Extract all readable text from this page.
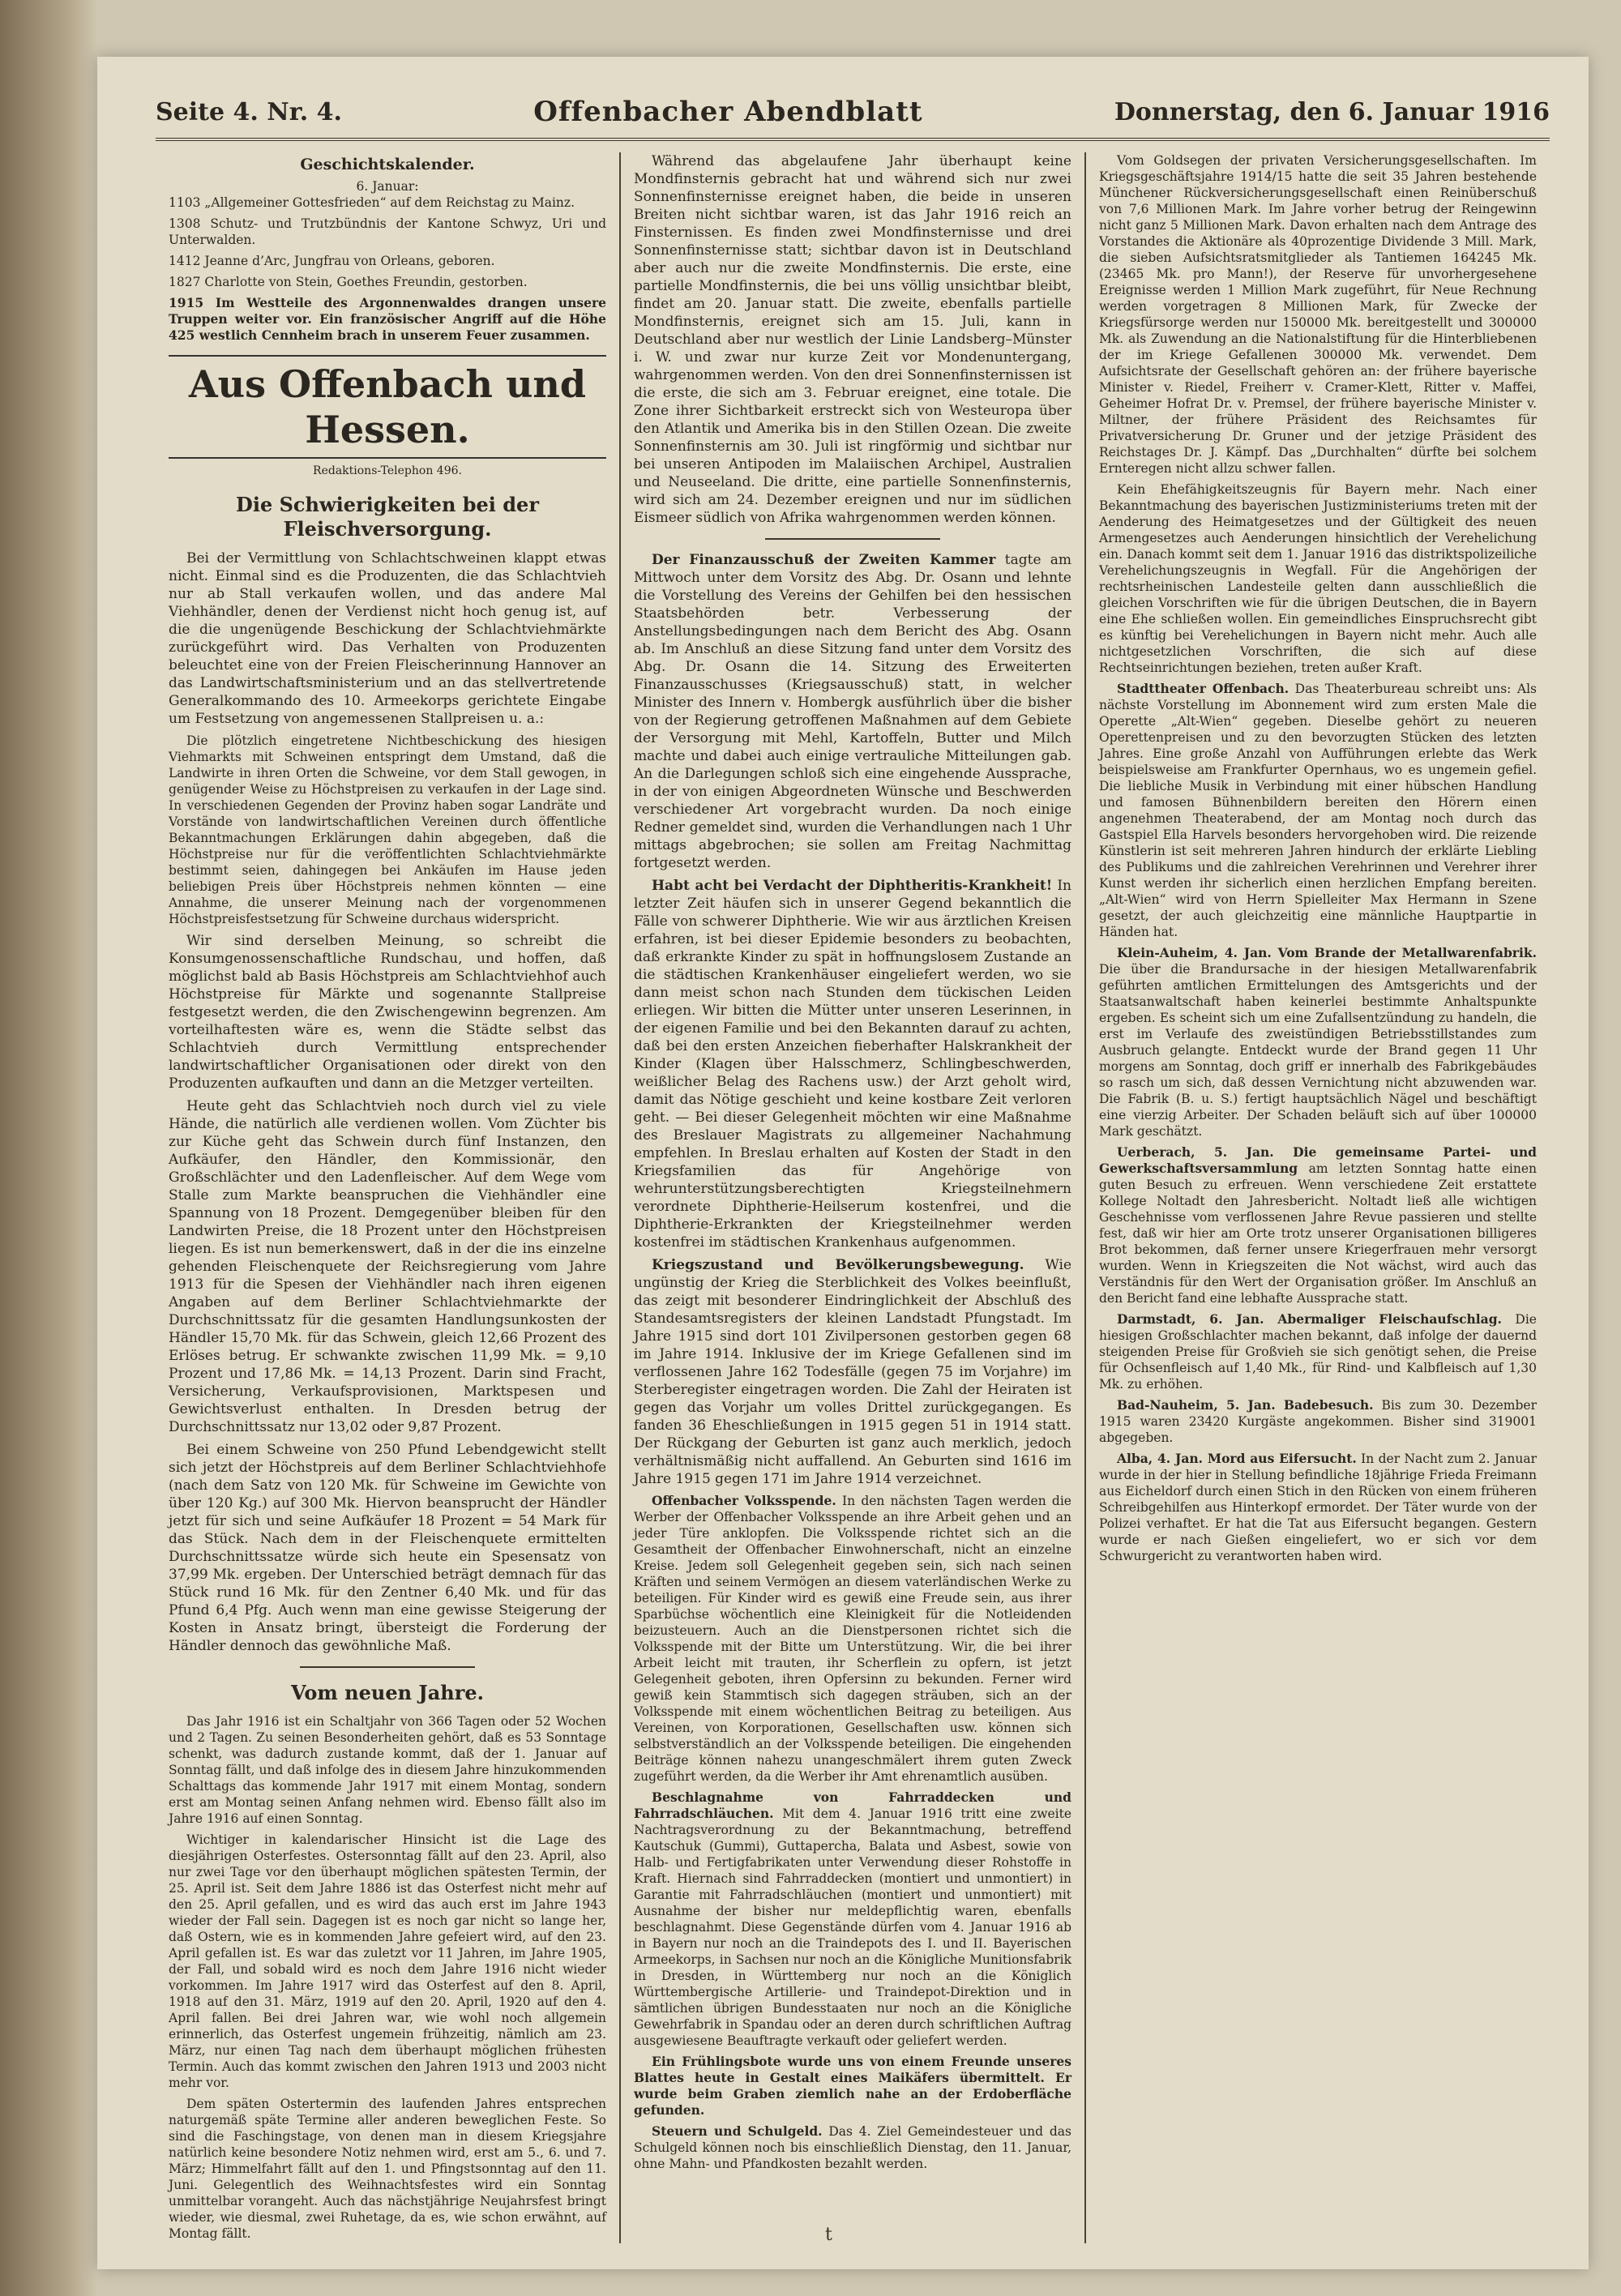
Seite 4. Nr. 4.	Offenbacher Abendblatt	Donnerstag, den 6. Januar 1916
Geschichtskalender.
6. Januar:

1103 „Allgemeiner Gottesfrieden“ auf dem Reichstag zu Mainz.

1308 Schutz- und Trutzbündnis der Kantone Schwyz, Uri und Unterwalden.

1412 Jeanne d’Arc, Jungfrau von Orleans, geboren.

1827 Charlotte von Stein, Goethes Freundin, gestorben.

1915 Im Westteile des Argonnenwaldes drangen unsere Truppen weiter vor. Ein französischer Angriff auf die Höhe 425 westlich Cennheim brach in unserem Feuer zusammen.

Aus Offenbach und Hessen.
Redaktions-Telephon 496.
Die Schwierigkeiten bei der Fleischversorgung.

Bei der Vermittlung von Schlachtschweinen klappt etwas nicht. Einmal sind es die Produzenten, die das Schlachtvieh nur ab Stall verkaufen wollen, und das andere Mal Viehhändler, denen der Verdienst nicht hoch genug ist, auf die die ungenügende Beschickung der Schlachtviehmärkte zurückgeführt wird. Das Verhalten von Produzenten beleuchtet eine von der Freien Fleischerinnung Hannover an das Landwirtschaftsministerium und an das stellvertretende Generalkommando des 10. Armeekorps gerichtete Eingabe um Festsetzung von angemessenen Stallpreisen u. a.:

Die plötzlich eingetretene Nichtbeschickung des hiesigen Viehmarkts mit Schweinen entspringt dem Umstand, daß die Landwirte in ihren Orten die Schweine, vor dem Stall gewogen, in genügender Weise zu Höchstpreisen zu verkaufen in der Lage sind. In verschiedenen Gegenden der Provinz haben sogar Landräte und Vorstände von landwirtschaftlichen Vereinen durch öffentliche Bekanntmachungen Erklärungen dahin abgegeben, daß die Höchstpreise nur für die veröffentlichten Schlachtviehmärkte bestimmt seien, dahingegen bei Ankäufen im Hause jeden beliebigen Preis über Höchstpreis nehmen könnten — eine Annahme, die unserer Meinung nach der vorgenommenen Höchstpreisfestsetzung für Schweine durchaus widerspricht.

Wir sind derselben Meinung, so schreibt die Konsumgenossenschaftliche Rundschau, und hoffen, daß möglichst bald ab Basis Höchstpreis am Schlachtviehhof auch Höchstpreise für Märkte und sogenannte Stallpreise festgesetzt werden, die den Zwischengewinn begrenzen. Am vorteilhaftesten wäre es, wenn die Städte selbst das Schlachtvieh durch Vermittlung entsprechender landwirtschaftlicher Organisationen oder direkt von den Produzenten aufkauften und dann an die Metzger verteilten.

Heute geht das Schlachtvieh noch durch viel zu viele Hände, die natürlich alle verdienen wollen. Vom Züchter bis zur Küche geht das Schwein durch fünf Instanzen, den Aufkäufer, den Händler, den Kommissionär, den Großschlächter und den Ladenfleischer. Auf dem Wege vom Stalle zum Markte beanspruchen die Viehhändler eine Spannung von 18 Prozent. Demgegenüber bleiben für den Landwirten Preise, die 18 Prozent unter den Höchstpreisen liegen. Es ist nun bemerkenswert, daß in der die ins einzelne gehenden Fleischenquete der Reichsregierung vom Jahre 1913 für die Spesen der Viehhändler nach ihren eigenen Angaben auf dem Berliner Schlachtviehmarkte der Durchschnittssatz für die gesamten Handlungsunkosten der Händler 15,70 Mk. für das Schwein, gleich 12,66 Prozent des Erlöses betrug. Er schwankte zwischen 11,99 Mk. = 9,10 Prozent und 17,86 Mk. = 14,13 Prozent. Darin sind Fracht, Versicherung, Verkaufsprovisionen, Marktspesen und Gewichtsverlust enthalten. In Dresden betrug der Durchschnittssatz nur 13,02 oder 9,87 Prozent.

Bei einem Schweine von 250 Pfund Lebendgewicht stellt sich jetzt der Höchstpreis auf dem Berliner Schlachtviehhofe (nach dem Satz von 120 Mk. für Schweine im Gewichte von über 120 Kg.) auf 300 Mk. Hiervon beansprucht der Händler jetzt für sich und seine Aufkäufer 18 Prozent = 54 Mark für das Stück. Nach dem in der Fleischenquete ermittelten Durchschnittssatze würde sich heute ein Spesensatz von 37,99 Mk. ergeben. Der Unterschied beträgt demnach für das Stück rund 16 Mk. für den Zentner 6,40 Mk. und für das Pfund 6,4 Pfg. Auch wenn man eine gewisse Steigerung der Kosten in Ansatz bringt, übersteigt die Forderung der Händler dennoch das gewöhnliche Maß.

Vom neuen Jahre.

Das Jahr 1916 ist ein Schaltjahr von 366 Tagen oder 52 Wochen und 2 Tagen. Zu seinen Besonderheiten gehört, daß es 53 Sonntage schenkt, was dadurch zustande kommt, daß der 1. Januar auf Sonntag fällt, und daß infolge des in diesem Jahre hinzukommenden Schalttags das kommende Jahr 1917 mit einem Montag, sondern erst am Montag seinen Anfang nehmen wird. Ebenso fällt also im Jahre 1916 auf einen Sonntag.

Wichtiger in kalendarischer Hinsicht ist die Lage des diesjährigen Osterfestes. Ostersonntag fällt auf den 23. April, also nur zwei Tage vor den überhaupt möglichen spätesten Termin, der 25. April ist. Seit dem Jahre 1886 ist das Osterfest nicht mehr auf den 25. April gefallen, und es wird das auch erst im Jahre 1943 wieder der Fall sein. Dagegen ist es noch gar nicht so lange her, daß Ostern, wie es in kommenden Jahre gefeiert wird, auf den 23. April gefallen ist. Es war das zuletzt vor 11 Jahren, im Jahre 1905, der Fall, und sobald wird es noch dem Jahre 1916 nicht wieder vorkommen. Im Jahre 1917 wird das Osterfest auf den 8. April, 1918 auf den 31. März, 1919 auf den 20. April, 1920 auf den 4. April fallen. Bei drei Jahren war, wie wohl noch allgemein erinnerlich, das Osterfest ungemein frühzeitig, nämlich am 23. März, nur einen Tag nach dem überhaupt möglichen frühesten Termin. Auch das kommt zwischen den Jahren 1913 und 2003 nicht mehr vor.

Dem späten Ostertermin des laufenden Jahres entsprechen naturgemäß späte Termine aller anderen beweglichen Feste. So sind die Faschingstage, von denen man in diesem Kriegsjahre natürlich keine besondere Notiz nehmen wird, erst am 5., 6. und 7. März; Himmelfahrt fällt auf den 1. und Pfingstsonntag auf den 11. Juni. Gelegentlich des Weihnachtsfestes wird ein Sonntag unmittelbar vorangeht. Auch das nächstjährige Neujahrsfest bringt wieder, wie diesmal, zwei Ruhetage, da es, wie schon erwähnt, auf Montag fällt.

Während das abgelaufene Jahr überhaupt keine Mondfinsternis gebracht hat und während sich nur zwei Sonnenfinsternisse ereignet haben, die beide in unseren Breiten nicht sichtbar waren, ist das Jahr 1916 reich an Finsternissen. Es finden zwei Mondfinsternisse und drei Sonnenfinsternisse statt; sichtbar davon ist in Deutschland aber auch nur die zweite Mondfinsternis. Die erste, eine partielle Mondfinsternis, die bei uns völlig unsichtbar bleibt, findet am 20. Januar statt. Die zweite, ebenfalls partielle Mondfinsternis, ereignet sich am 15. Juli, kann in Deutschland aber nur westlich der Linie Landsberg–Münster i. W. und zwar nur kurze Zeit vor Mondenuntergang, wahrgenommen werden. Von den drei Sonnenfinsternissen ist die erste, die sich am 3. Februar ereignet, eine totale. Die Zone ihrer Sichtbarkeit erstreckt sich von Westeuropa über den Atlantik und Amerika bis in den Stillen Ozean. Die zweite Sonnenfinsternis am 30. Juli ist ringförmig und sichtbar nur bei unseren Antipoden im Malaiischen Archipel, Australien und Neuseeland. Die dritte, eine partielle Sonnenfinsternis, wird sich am 24. Dezember ereignen und nur im südlichen Eismeer südlich von Afrika wahrgenommen werden können.

Der Finanzausschuß der Zweiten Kammer tagte am Mittwoch unter dem Vorsitz des Abg. Dr. Osann und lehnte die Vorstellung des Vereins der Gehilfen bei den hessischen Staatsbehörden betr. Verbesserung der Anstellungsbedingungen nach dem Bericht des Abg. Osann ab. Im Anschluß an diese Sitzung fand unter dem Vorsitz des Abg. Dr. Osann die 14. Sitzung des Erweiterten Finanzausschusses (Kriegsausschuß) statt, in welcher Minister des Innern v. Hombergk ausführlich über die bisher von der Regierung getroffenen Maßnahmen auf dem Gebiete der Versorgung mit Mehl, Kartoffeln, Butter und Milch machte und dabei auch einige vertrauliche Mitteilungen gab. An die Darlegungen schloß sich eine eingehende Aussprache, in der von einigen Abgeordneten Wünsche und Beschwerden verschiedener Art vorgebracht wurden. Da noch einige Redner gemeldet sind, wurden die Verhandlungen nach 1 Uhr mittags abgebrochen; sie sollen am Freitag Nachmittag fortgesetzt werden.

Habt acht bei Verdacht der Diphtheritis-Krankheit! In letzter Zeit häufen sich in unserer Gegend bekanntlich die Fälle von schwerer Diphtherie. Wie wir aus ärztlichen Kreisen erfahren, ist bei dieser Epidemie besonders zu beobachten, daß erkrankte Kinder zu spät in hoffnungslosem Zustande an die städtischen Krankenhäuser eingeliefert werden, wo sie dann meist schon nach Stunden dem tückischen Leiden erliegen. Wir bitten die Mütter unter unseren Leserinnen, in der eigenen Familie und bei den Bekannten darauf zu achten, daß bei den ersten Anzeichen fieberhafter Halskrankheit der Kinder (Klagen über Halsschmerz, Schlingbeschwerden, weißlicher Belag des Rachens usw.) der Arzt geholt wird, damit das Nötige geschieht und keine kostbare Zeit verloren geht. — Bei dieser Gelegenheit möchten wir eine Maßnahme des Breslauer Magistrats zu allgemeiner Nachahmung empfehlen. In Breslau erhalten auf Kosten der Stadt in den Kriegsfamilien das für Angehörige von wehrunterstützungsberechtigten Kriegsteilnehmern verordnete Diphtherie-Heilserum kostenfrei, und die Diphtherie-Erkrankten der Kriegsteilnehmer werden kostenfrei im städtischen Krankenhaus aufgenommen.

Kriegszustand und Bevölkerungsbewegung. Wie ungünstig der Krieg die Sterblichkeit des Volkes beeinflußt, das zeigt mit besonderer Eindringlichkeit der Abschluß des Standesamtsregisters der kleinen Landstadt Pfungstadt. Im Jahre 1915 sind dort 101 Zivilpersonen gestorben gegen 68 im Jahre 1914. Inklusive der im Kriege Gefallenen sind im verflossenen Jahre 162 Todesfälle (gegen 75 im Vorjahre) im Sterberegister eingetragen worden. Die Zahl der Heiraten ist gegen das Vorjahr um volles Drittel zurückgegangen. Es fanden 36 Eheschließungen in 1915 gegen 51 in 1914 statt. Der Rückgang der Geburten ist ganz auch merklich, jedoch verhältnismäßig nicht auffallend. An Geburten sind 1616 im Jahre 1915 gegen 171 im Jahre 1914 verzeichnet.

Offenbacher Volksspende. In den nächsten Tagen werden die Werber der Offenbacher Volksspende an ihre Arbeit gehen und an jeder Türe anklopfen. Die Volksspende richtet sich an die Gesamtheit der Offenbacher Einwohnerschaft, nicht an einzelne Kreise. Jedem soll Gelegenheit gegeben sein, sich nach seinen Kräften und seinem Vermögen an diesem vaterländischen Werke zu beteiligen. Für Kinder wird es gewiß eine Freude sein, aus ihrer Sparbüchse wöchentlich eine Kleinigkeit für die Notleidenden beizusteuern. Auch an die Dienstpersonen richtet sich die Volksspende mit der Bitte um Unterstützung. Wir, die bei ihrer Arbeit leicht mit trauten, ihr Scherflein zu opfern, ist jetzt Gelegenheit geboten, ihren Opfersinn zu bekunden. Ferner wird gewiß kein Stammtisch sich dagegen sträuben, sich an der Volksspende mit einem wöchentlichen Beitrag zu beteiligen. Aus Vereinen, von Korporationen, Gesellschaften usw. können sich selbstverständlich an der Volksspende beteiligen. Die eingehenden Beiträge können nahezu unangeschmälert ihrem guten Zweck zugeführt werden, da die Werber ihr Amt ehrenamtlich ausüben.

Beschlagnahme von Fahrraddecken und Fahrradschläuchen. Mit dem 4. Januar 1916 tritt eine zweite Nachtragsverordnung zu der Bekanntmachung, betreffend Kautschuk (Gummi), Guttapercha, Balata und Asbest, sowie von Halb- und Fertigfabrikaten unter Verwendung dieser Rohstoffe in Kraft. Hiernach sind Fahrraddecken (montiert und unmontiert) in Garantie mit Fahrradschläuchen (montiert und unmontiert) mit Ausnahme der bisher nur meldepflichtig waren, ebenfalls beschlagnahmt. Diese Gegenstände dürfen vom 4. Januar 1916 ab in Bayern nur noch an die Traindepots des I. und II. Bayerischen Armeekorps, in Sachsen nur noch an die Königliche Munitionsfabrik in Dresden, in Württemberg nur noch an die Königlich Württembergische Artillerie- und Traindepot-Direktion und in sämtlichen übrigen Bundesstaaten nur noch an die Königliche Gewehrfabrik in Spandau oder an deren durch schriftlichen Auftrag ausgewiesene Beauftragte verkauft oder geliefert werden.

Ein Frühlingsbote wurde uns von einem Freunde unseres Blattes heute in Gestalt eines Maikäfers übermittelt. Er wurde beim Graben ziemlich nahe an der Erdoberfläche gefunden.

Steuern und Schulgeld. Das 4. Ziel Gemeindesteuer und das Schulgeld können noch bis einschließlich Dienstag, den 11. Januar, ohne Mahn- und Pfandkosten bezahlt werden.

Vom Goldsegen der privaten Versicherungsgesellschaften. Im Kriegsgeschäftsjahre 1914/15 hatte die seit 35 Jahren bestehende Münchener Rückversicherungsgesellschaft einen Reinüberschuß von 7,6 Millionen Mark. Im Jahre vorher betrug der Reingewinn nicht ganz 5 Millionen Mark. Davon erhalten nach dem Antrage des Vorstandes die Aktionäre als 40prozentige Dividende 3 Mill. Mark, die sieben Aufsichtsratsmitglieder als Tantiemen 164245 Mk. (23465 Mk. pro Mann!), der Reserve für unvorhergesehene Ereignisse werden 1 Million Mark zugeführt, für Neue Rechnung werden vorgetragen 8 Millionen Mark, für Zwecke der Kriegsfürsorge werden nur 150000 Mk. bereitgestellt und 300000 Mk. als Zuwendung an die Nationalstiftung für die Hinterbliebenen der im Kriege Gefallenen 300000 Mk. verwendet. Dem Aufsichtsrate der Gesellschaft gehören an: der frühere bayerische Minister v. Riedel, Freiherr v. Cramer-Klett, Ritter v. Maffei, Geheimer Hofrat Dr. v. Premsel, der frühere bayerische Minister v. Miltner, der frühere Präsident des Reichsamtes für Privatversicherung Dr. Gruner und der jetzige Präsident des Reichstages Dr. J. Kämpf. Das „Durchhalten“ dürfte bei solchem Ernteregen nicht allzu schwer fallen.

Kein Ehefähigkeitszeugnis für Bayern mehr. Nach einer Bekanntmachung des bayerischen Justizministeriums treten mit der Aenderung des Heimatgesetzes und der Gültigkeit des neuen Armengesetzes auch Aenderungen hinsichtlich der Verehelichung ein. Danach kommt seit dem 1. Januar 1916 das distriktspolizeiliche Verehelichungszeugnis in Wegfall. Für die Angehörigen der rechtsrheinischen Landesteile gelten dann ausschließlich die gleichen Vorschriften wie für die übrigen Deutschen, die in Bayern eine Ehe schließen wollen. Ein gemeindliches Einspruchsrecht gibt es künftig bei Verehelichungen in Bayern nicht mehr. Auch alle nichtgesetzlichen Vorschriften, die sich auf diese Rechtseinrichtungen beziehen, treten außer Kraft.

Stadttheater Offenbach. Das Theaterbureau schreibt uns: Als nächste Vorstellung im Abonnement wird zum ersten Male die Operette „Alt-Wien“ gegeben. Dieselbe gehört zu neueren Operettenpreisen und zu den bevorzugten Stücken des letzten Jahres. Eine große Anzahl von Aufführungen erlebte das Werk beispielsweise am Frankfurter Opernhaus, wo es ungemein gefiel. Die liebliche Musik in Verbindung mit einer hübschen Handlung und famosen Bühnenbildern bereiten den Hörern einen angenehmen Theaterabend, der am Montag noch durch das Gastspiel Ella Harvels besonders hervorgehoben wird. Die reizende Künstlerin ist seit mehreren Jahren hindurch der erklärte Liebling des Publikums und die zahlreichen Verehrinnen und Verehrer ihrer Kunst werden ihr sicherlich einen herzlichen Empfang bereiten. „Alt-Wien“ wird von Herrn Spielleiter Max Hermann in Szene gesetzt, der auch gleichzeitig eine männliche Hauptpartie in Händen hat.

Klein-Auheim, 4. Jan. Vom Brande der Metallwarenfabrik. Die über die Brandursache in der hiesigen Metallwarenfabrik geführten amtlichen Ermittelungen des Amtsgerichts und der Staatsanwaltschaft haben keinerlei bestimmte Anhaltspunkte ergeben. Es scheint sich um eine Zufallsentzündung zu handeln, die erst im Verlaufe des zweistündigen Betriebsstillstandes zum Ausbruch gelangte. Entdeckt wurde der Brand gegen 11 Uhr morgens am Sonntag, doch griff er innerhalb des Fabrikgebäudes so rasch um sich, daß dessen Vernichtung nicht abzuwenden war. Die Fabrik (B. u. S.) fertigt hauptsächlich Nägel und beschäftigt eine vierzig Arbeiter. Der Schaden beläuft sich auf über 100000 Mark geschätzt.

Uerberach, 5. Jan. Die gemeinsame Partei- und Gewerkschaftsversammlung am letzten Sonntag hatte einen guten Besuch zu erfreuen. Wenn verschiedene Zeit erstattete Kollege Noltadt den Jahresbericht. Noltadt ließ alle wichtigen Geschehnisse vom verflossenen Jahre Revue passieren und stellte fest, daß wir hier am Orte trotz unserer Organisationen billigeres Brot bekommen, daß ferner unsere Kriegerfrauen mehr versorgt wurden. Wenn in Kriegszeiten die Not wächst, wird auch das Verständnis für den Wert der Organisation größer. Im Anschluß an den Bericht fand eine lebhafte Aussprache statt.

Darmstadt, 6. Jan. Abermaliger Fleischaufschlag. Die hiesigen Großschlachter machen bekannt, daß infolge der dauernd steigenden Preise für Großvieh sie sich genötigt sehen, die Preise für Ochsenfleisch auf 1,40 Mk., für Rind- und Kalbfleisch auf 1,30 Mk. zu erhöhen.

Bad-Nauheim, 5. Jan. Badebesuch. Bis zum 30. Dezember 1915 waren 23420 Kurgäste angekommen. Bisher sind 319001 abgegeben.

Alba, 4. Jan. Mord aus Eifersucht. In der Nacht zum 2. Januar wurde in der hier in Stellung befindliche 18jährige Frieda Freimann aus Eicheldorf durch einen Stich in den Rücken von einem früheren Schreibgehilfen aus Hinterkopf ermordet. Der Täter wurde von der Polizei verhaftet. Er hat die Tat aus Eifersucht begangen. Gestern wurde er nach Gießen eingeliefert, wo er sich vor dem Schwurgericht zu verantworten haben wird.

t
